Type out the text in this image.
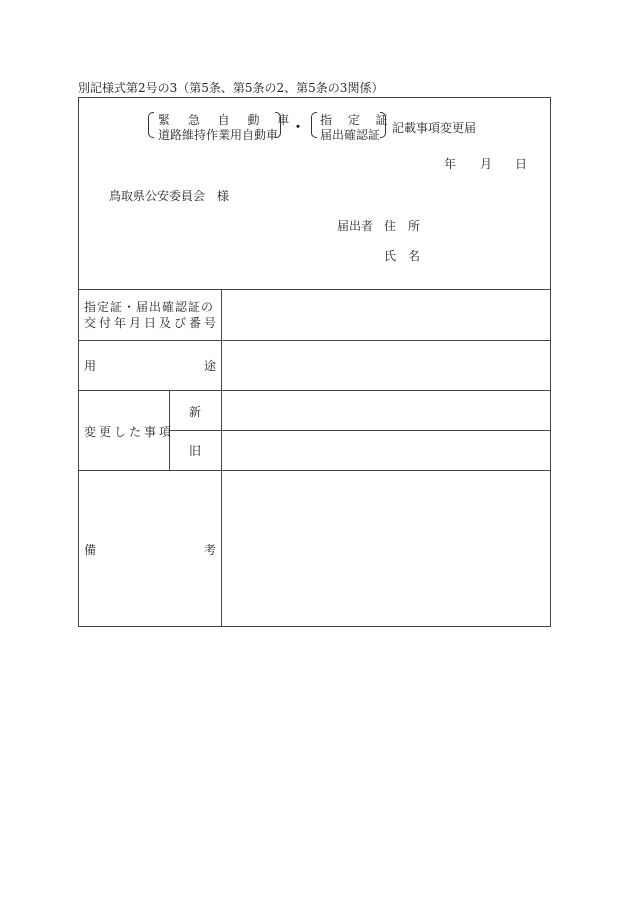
別記様式第2号の3（第5条、第5条の2、第5条の3関係）
緊 急 自 動 車
道路維持作業用自動車 ・ 指 定 証
届出確認証 記載事項変更届
年 月 日
鳥取県公安委員会　様
届出者 住　所
氏　名
指定証・届出確認証の
交付年月日及び番号
用	途
変更した事項
新
旧
備	考
